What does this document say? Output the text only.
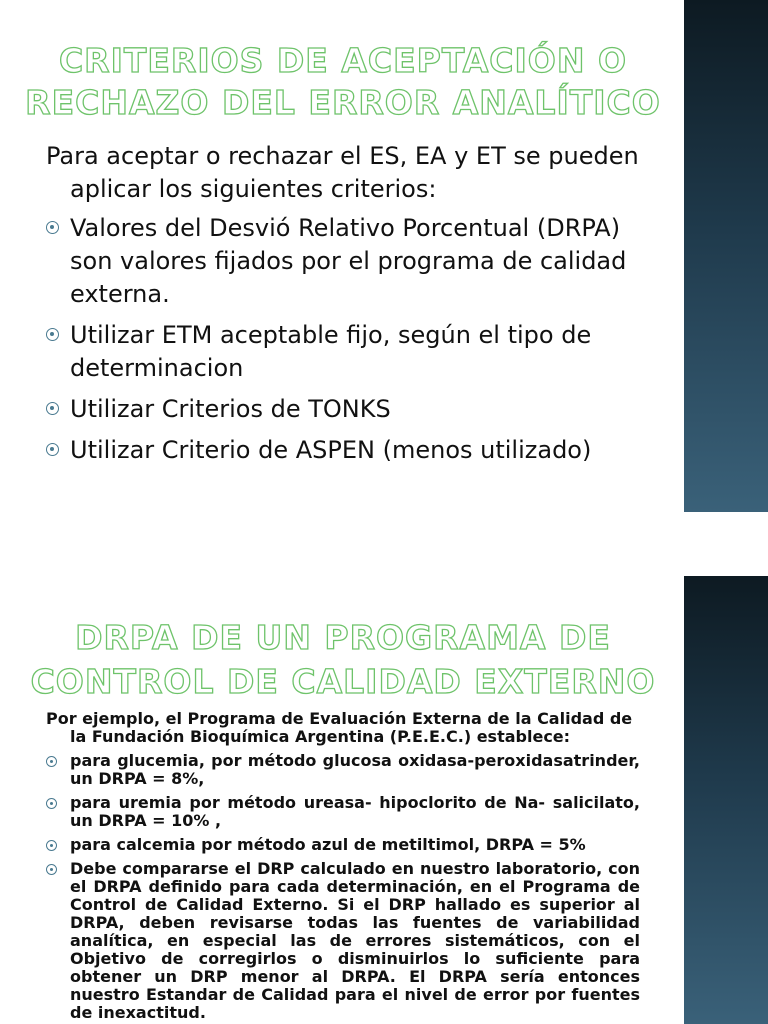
CRITERIOS DE ACEPTACIÓN O RECHAZO DEL ERROR ANALÍTICO

Para aceptar o rechazar el ES, EA y ET se pueden aplicar los siguientes criterios:

Valores del Desvió Relativo Porcentual (DRPA) son valores fijados por el programa de calidad externa.
Utilizar ETM aceptable fijo, según el tipo de determinacion
Utilizar Criterios de TONKS
Utilizar Criterio de ASPEN (menos utilizado)
DRPA DE UN PROGRAMA DE CONTROL DE CALIDAD EXTERNO

Por ejemplo, el Programa de Evaluación Externa de la Calidad de la Fundación Bioquímica Argentina (P.E.E.C.) establece:

para glucemia, por método glucosa oxidasa-peroxidasatrinder, un DRPA = 8%,
para uremia por método ureasa- hipoclorito de Na- salicilato, un DRPA = 10% ,
para calcemia por método azul de metiltimol, DRPA = 5%
Debe compararse el DRP calculado en nuestro laboratorio, con el DRPA definido para cada determinación, en el Programa de Control de Calidad Externo. Si el DRP hallado es superior al DRPA, deben revisarse todas las fuentes de variabilidad analítica, en especial las de errores sistemáticos, con el Objetivo de corregirlos o disminuirlos lo suficiente para obtener un DRP menor al DRPA. El DRPA sería entonces nuestro Estandar de Calidad para el nivel de error por fuentes de inexactitud.
